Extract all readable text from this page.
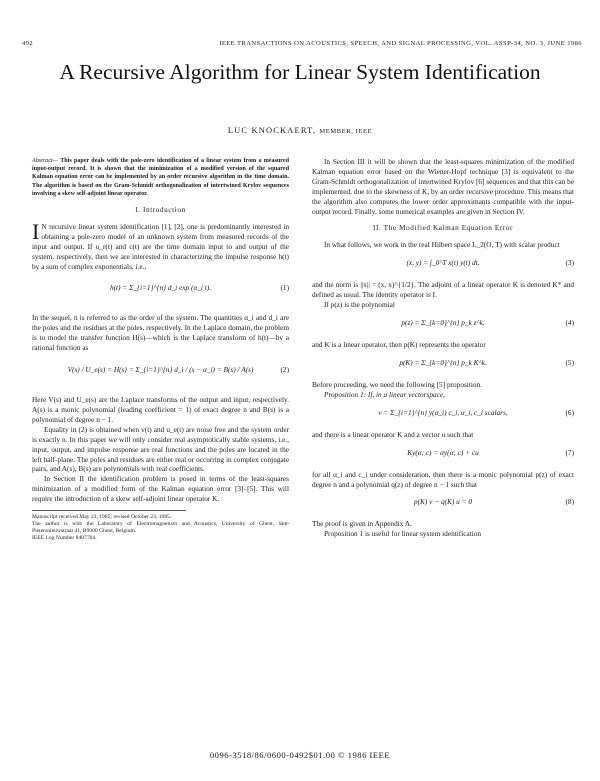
492	IEEE TRANSACTIONS ON ACOUSTICS, SPEECH, AND SIGNAL PROCESSING, VOL. ASSP-34, NO. 3, JUNE 1986
A Recursive Algorithm for Linear System Identification
LUC KNOCKAERT, MEMBER, IEEE

Abstract— This paper deals with the pole-zero identification of a linear system from a measured input-output record. It is shown that the minimization of a modified version of the squared Kalman equation error can be implemented by an order recursive algorithm in the time domain. The algorithm is based on the Gram-Schmidt orthogonalization of intertwined Krylov sequences involving a skew self-adjoint linear operator.

I. Introduction

I N recursive linear system identification [1], [2], one is predominantly interested in obtaining a pole-zero model of an unknown system from measured records of the input and output. If u_r(t) and c(t) are the time domain input to and output of the system, respectively, then we are interested in characterizing the impulse response h(t) by a sum of complex exponentials, i.e.,

h(t) = Σ_{i=1}^{n} d_i exp (α_i t).	(1)

In the sequel, n is referred to as the order of the system. The quantities α_i and d_i are the poles and the residues at the poles, respectively. In the Laplace domain, the problem is to model the transfer function H(s)—which is the Laplace transform of h(t)—by a rational function as

V(s) / U_e(s) = H(s) = Σ_{i=1}^{n} d_i / (s − α_i) = B(s) / A(s)	(2)

Here V(s) and U_e(s) are the Laplace transforms of the output and input, respectively. A(s) is a monic polynomial (leading coefficient = 1) of exact degree n and B(s) is a polynomial of degree n − 1.

Equality in (2) is obtained when v(t) and u_e(t) are noise free and the system order is exactly n. In this paper we will only consider real asymptotically stable systems, i.e., input, output, and impulse response are real functions and the poles are located in the left half-plane. The poles and residues are either real or occurring in complex conjugate pairs, and A(s), B(s) are polynomials with real coefficients.

In Section II the identification problem is posed in terms of the least-squares minimization of a modified form of the Kalman equation error [3]–[5]. This will require the introduction of a skew self-adjoint linear operator K.

Manuscript received May 23, 1985; revised October 23, 1985.

The author is with the Laboratory of Electromagnetism and Acoustics, University of Ghent, Sint-Pietersnieuwstraat 41, B9000 Ghent, Belgium.

IEEE Log Number 8407704.

In Section III it will be shown that the least-squares minimization of the modified Kalman equation error based on the Wiener-Hopf technique [3] is equivalent to the Gram-Schmidt orthogonalization of intertwined Krylov [6] sequences and that this can be implemented, due to the skewness of K, by an order recursive procedure. This means that the algorithm also computes the lower order approximants compatible with the input-output record. Finally, some numerical examples are given in Section IV.

II. The Modified Kalman Equation Error

In what follows, we work in the real Hilbert space L_2(O, T) with scalar product

(x, y) = ∫_0^T x(t) y(t) dt,	(3)

and the norm is ||x|| = (x, x)^{1/2}. The adjoint of a linear operator K is denoted K* and defined as usual. The identity operator is I.

If p(z) is the polynomial

p(z) = Σ_{k=0}^{n} p_k z^k,	(4)

and K is a linear operator, then p(K) represents the operator

p(K) = Σ_{k=0}^{n} p_k K^k.	(5)

Before proceeding, we need the following [5] proposition.

Proposition 1: If, in a linear vectorspace,

v = Σ_{i=1}^{n} y(α_i) c_i, α_i, c_i scalars,	(6)

and there is a linear operator K and a vector u such that

Ky(α; c) = αy(α; c) + cu	(7)

for all α_i and c_i under consideration, then there is a monic polynomial p(z) of exact degree n and a polynomial q(z) of degree n − 1 such that

p(K) v − q(K) u = 0	(8)

The proof is given in Appendix A.

Proposition 1 is useful for linear system identification

0096-3518/86/0600-0492$01.00 © 1986 IEEE
